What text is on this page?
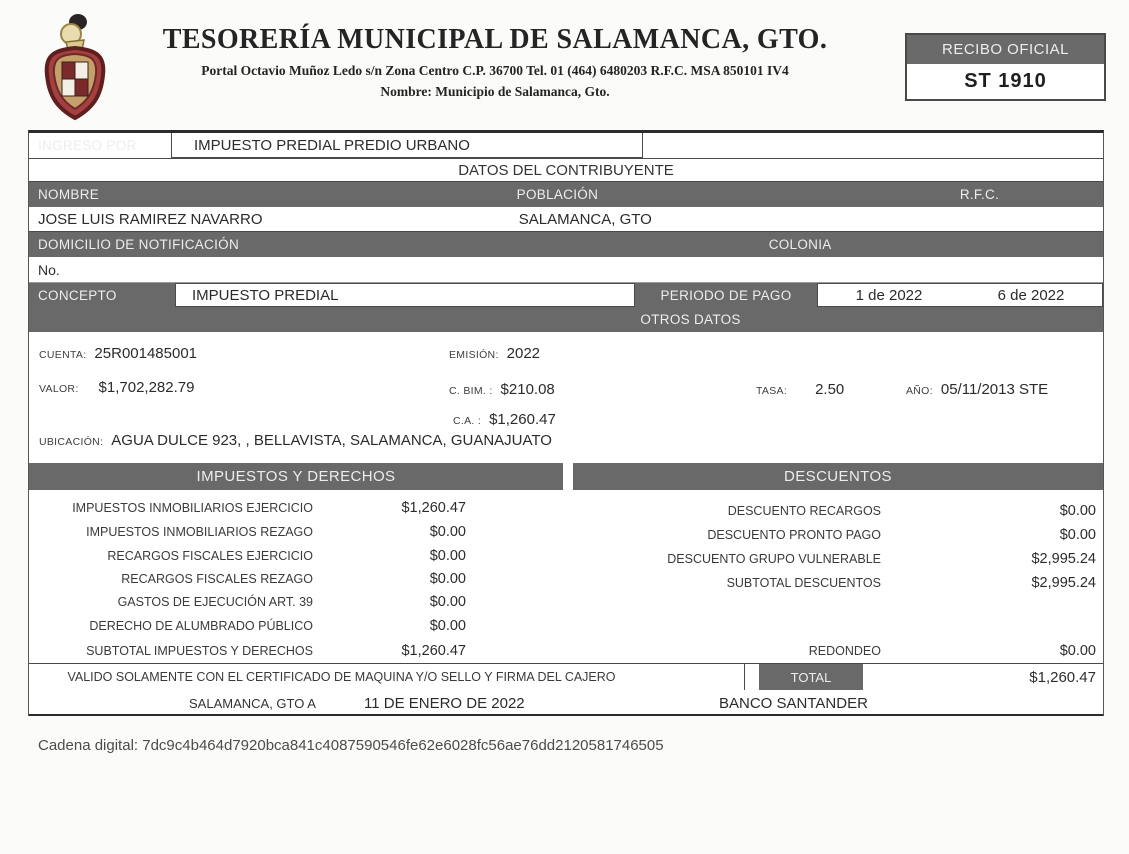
TESORERÍA MUNICIPAL DE SALAMANCA, GTO.
Portal Octavio Muñoz Ledo s/n Zona Centro C.P. 36700 Tel. 01 (464) 6480203 R.F.C. MSA 850101 IV4
Nombre: Municipio de Salamanca, Gto.
RECIBO OFICIAL
ST 1910
INGRESO POR	IMPUESTO PREDIAL PREDIO URBANO
DATOS DEL CONTRIBUYENTE
NOMBRE	POBLACIÓN	R.F.C.
JOSE LUIS RAMIREZ NAVARRO	SALAMANCA, GTO
DOMICILIO DE NOTIFICACIÓN	COLONIA
No.
CONCEPTO	IMPUESTO PREDIAL	PERIODO DE PAGO	1 de 2022	6 de 2022
OTROS DATOS
CUENTA: 25R001485001	EMISIÓN: 2022
VALOR: $1,702,282.79	C. BIM. : $210.08	TASA: 2.50	AÑO: 05/11/2013 STE
C.A. : $1,260.47
UBICACIÓN: AGUA DULCE 923, , BELLAVISTA, SALAMANCA, GUANAJUATO
IMPUESTOS Y DERECHOS	DESCUENTOS
IMPUESTOS INMOBILIARIOS EJERCICIO	$1,260.47
IMPUESTOS INMOBILIARIOS REZAGO	$0.00
RECARGOS FISCALES EJERCICIO	$0.00
RECARGOS FISCALES REZAGO	$0.00
GASTOS DE EJECUCIÓN ART. 39	$0.00
DERECHO DE ALUMBRADO PÚBLICO	$0.00
SUBTOTAL IMPUESTOS Y DERECHOS	$1,260.47
DESCUENTO RECARGOS	$0.00
DESCUENTO PRONTO PAGO	$0.00
DESCUENTO GRUPO VULNERABLE	$2,995.24
SUBTOTAL DESCUENTOS	$2,995.24
REDONDEO	$0.00
VALIDO SOLAMENTE CON EL CERTIFICADO DE MAQUINA Y/O SELLO Y FIRMA DEL CAJERO	TOTAL	$1,260.47
SALAMANCA, GTO A	11 DE ENERO DE 2022	BANCO SANTANDER
Cadena digital: 7dc9c4b464d7920bca841c4087590546fe62e6028fc56ae76dd2120581746505
